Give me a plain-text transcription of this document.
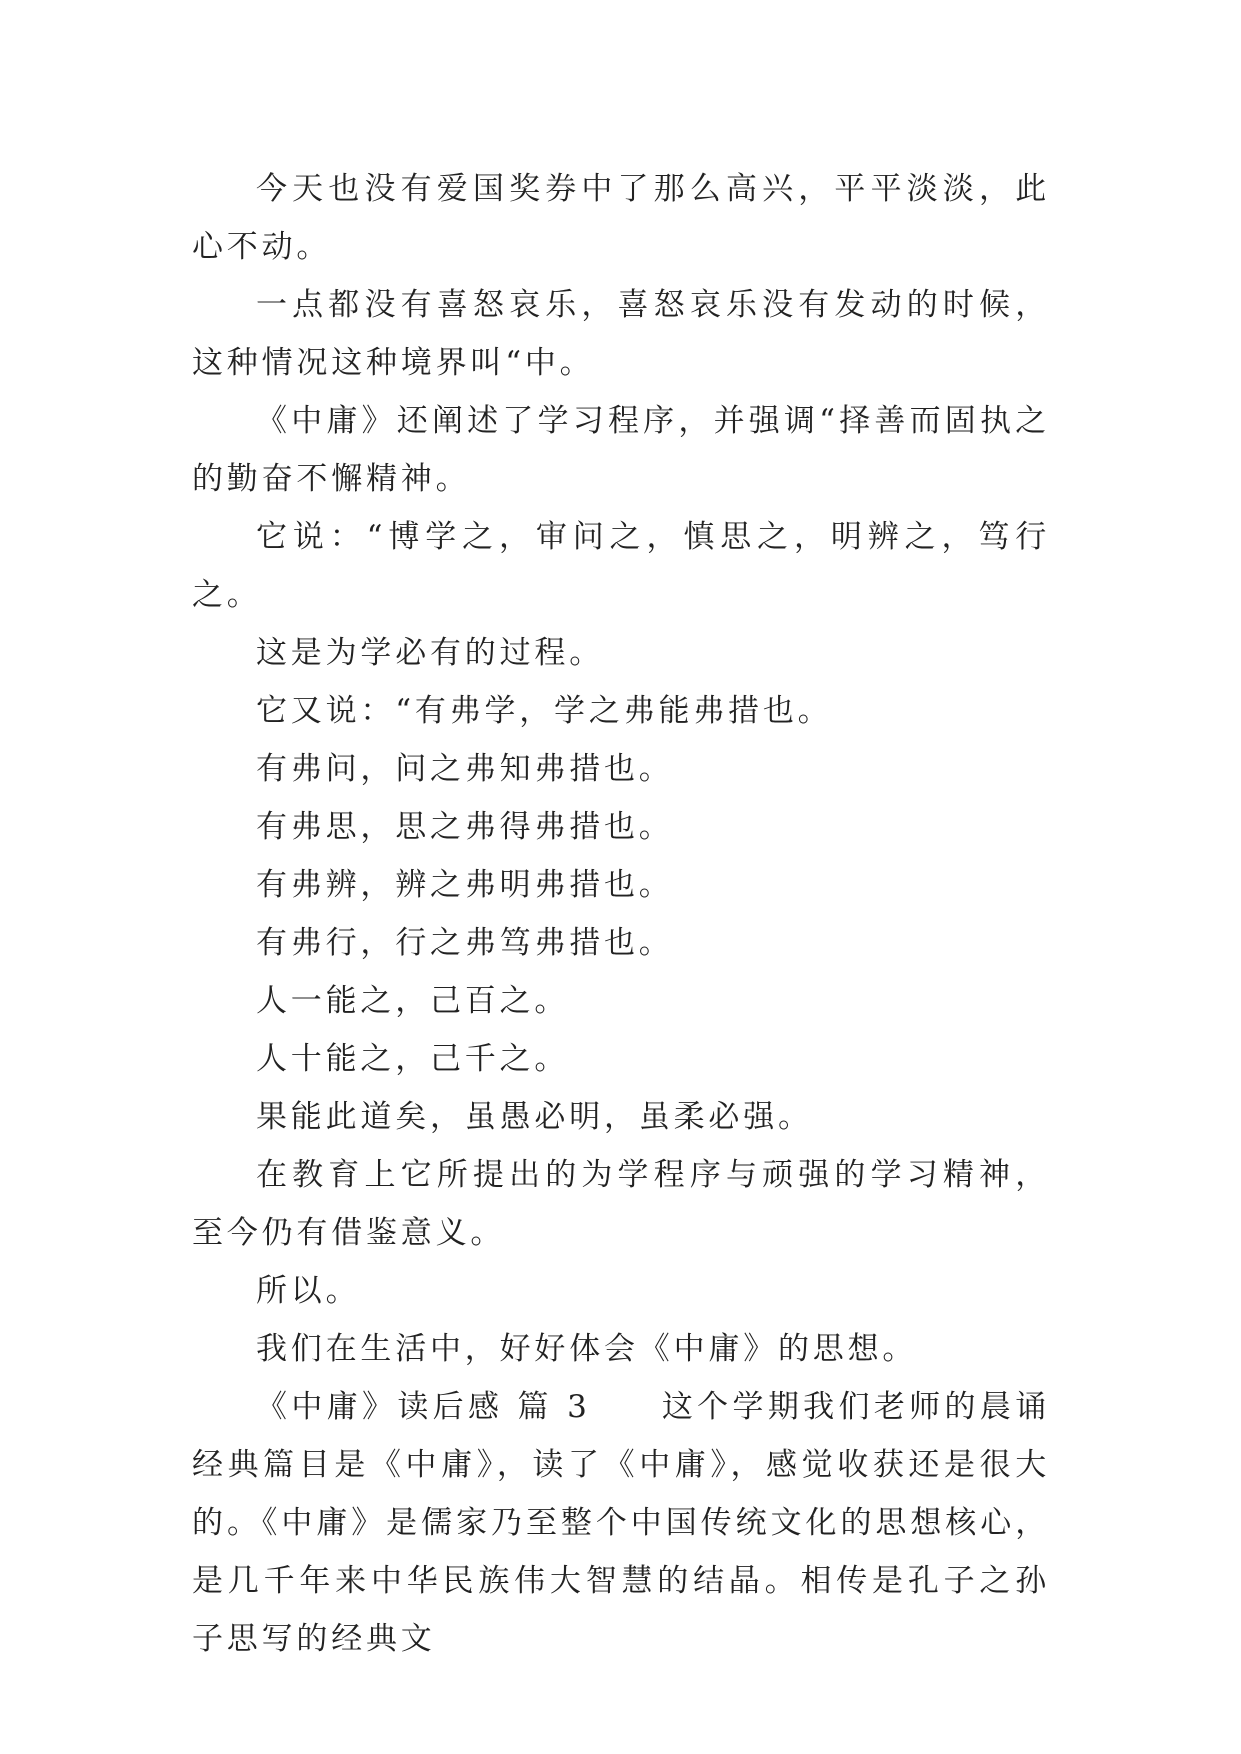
今天也没有爱国奖券中了那么高兴，平平淡淡，此心不动。

一点都没有喜怒哀乐，喜怒哀乐没有发动的时候，这种情况这种境界叫“中。

《中庸》还阐述了学习程序，并强调“择善而固执之的勤奋不懈精神。

它说：“博学之，审问之，慎思之，明辨之，笃行之。

这是为学必有的过程。

它又说：“有弗学，学之弗能弗措也。

有弗问，问之弗知弗措也。

有弗思，思之弗得弗措也。

有弗辨，辨之弗明弗措也。

有弗行，行之弗笃弗措也。

人一能之，己百之。

人十能之，己千之。

果能此道矣，虽愚必明，虽柔必强。

在教育上它所提出的为学程序与顽强的学习精神，至今仍有借鉴意义。

所以。

我们在生活中，好好体会《中庸》的思想。

《中庸》读后感 篇 3　　这个学期我们老师的晨诵经典篇目是《中庸》，读了《中庸》，感觉收获还是很大的。《中庸》是儒家乃至整个中国传统文化的思想核心，是几千年来中华民族伟大智慧的结晶。相传是孔子之孙子思写的经典文
